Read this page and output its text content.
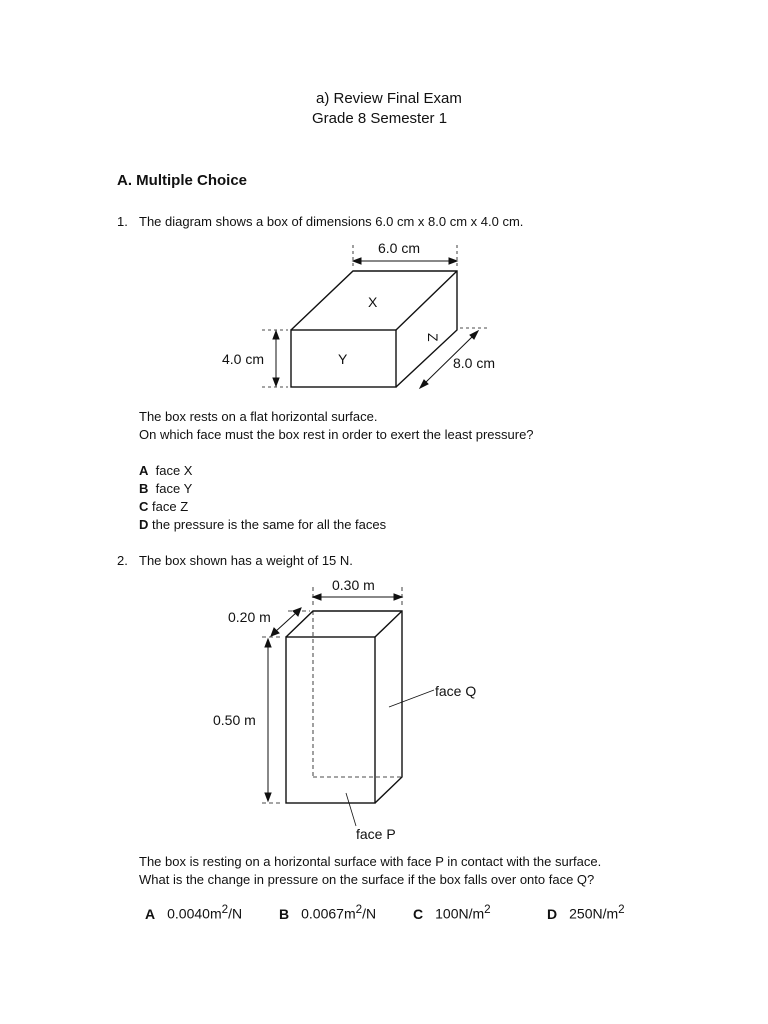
a) Review Final Exam
Grade 8 Semester 1
A. Multiple Choice
1. The diagram shows a box of dimensions 6.0 cm x 8.0 cm x 4.0 cm.
6.0 cm
4.0 cm	8.0 cm
X
Y
Z
The box rests on a flat horizontal surface.
On which face must the box rest in order to exert the least pressure?
A face X
B face Y
C face Z
D the pressure is the same for all the faces
2. The box shown has a weight of 15 N.
0.30 m
0.20 m
0.50 m
face Q
face P
The box is resting on a horizontal surface with face P in contact with the surface.
What is the change in pressure on the surface if the box falls over onto face Q?
A $0.0040m^2/N$	B $0.0067m^2/N$	C $100N/m^2$	D $250N/m^2$
